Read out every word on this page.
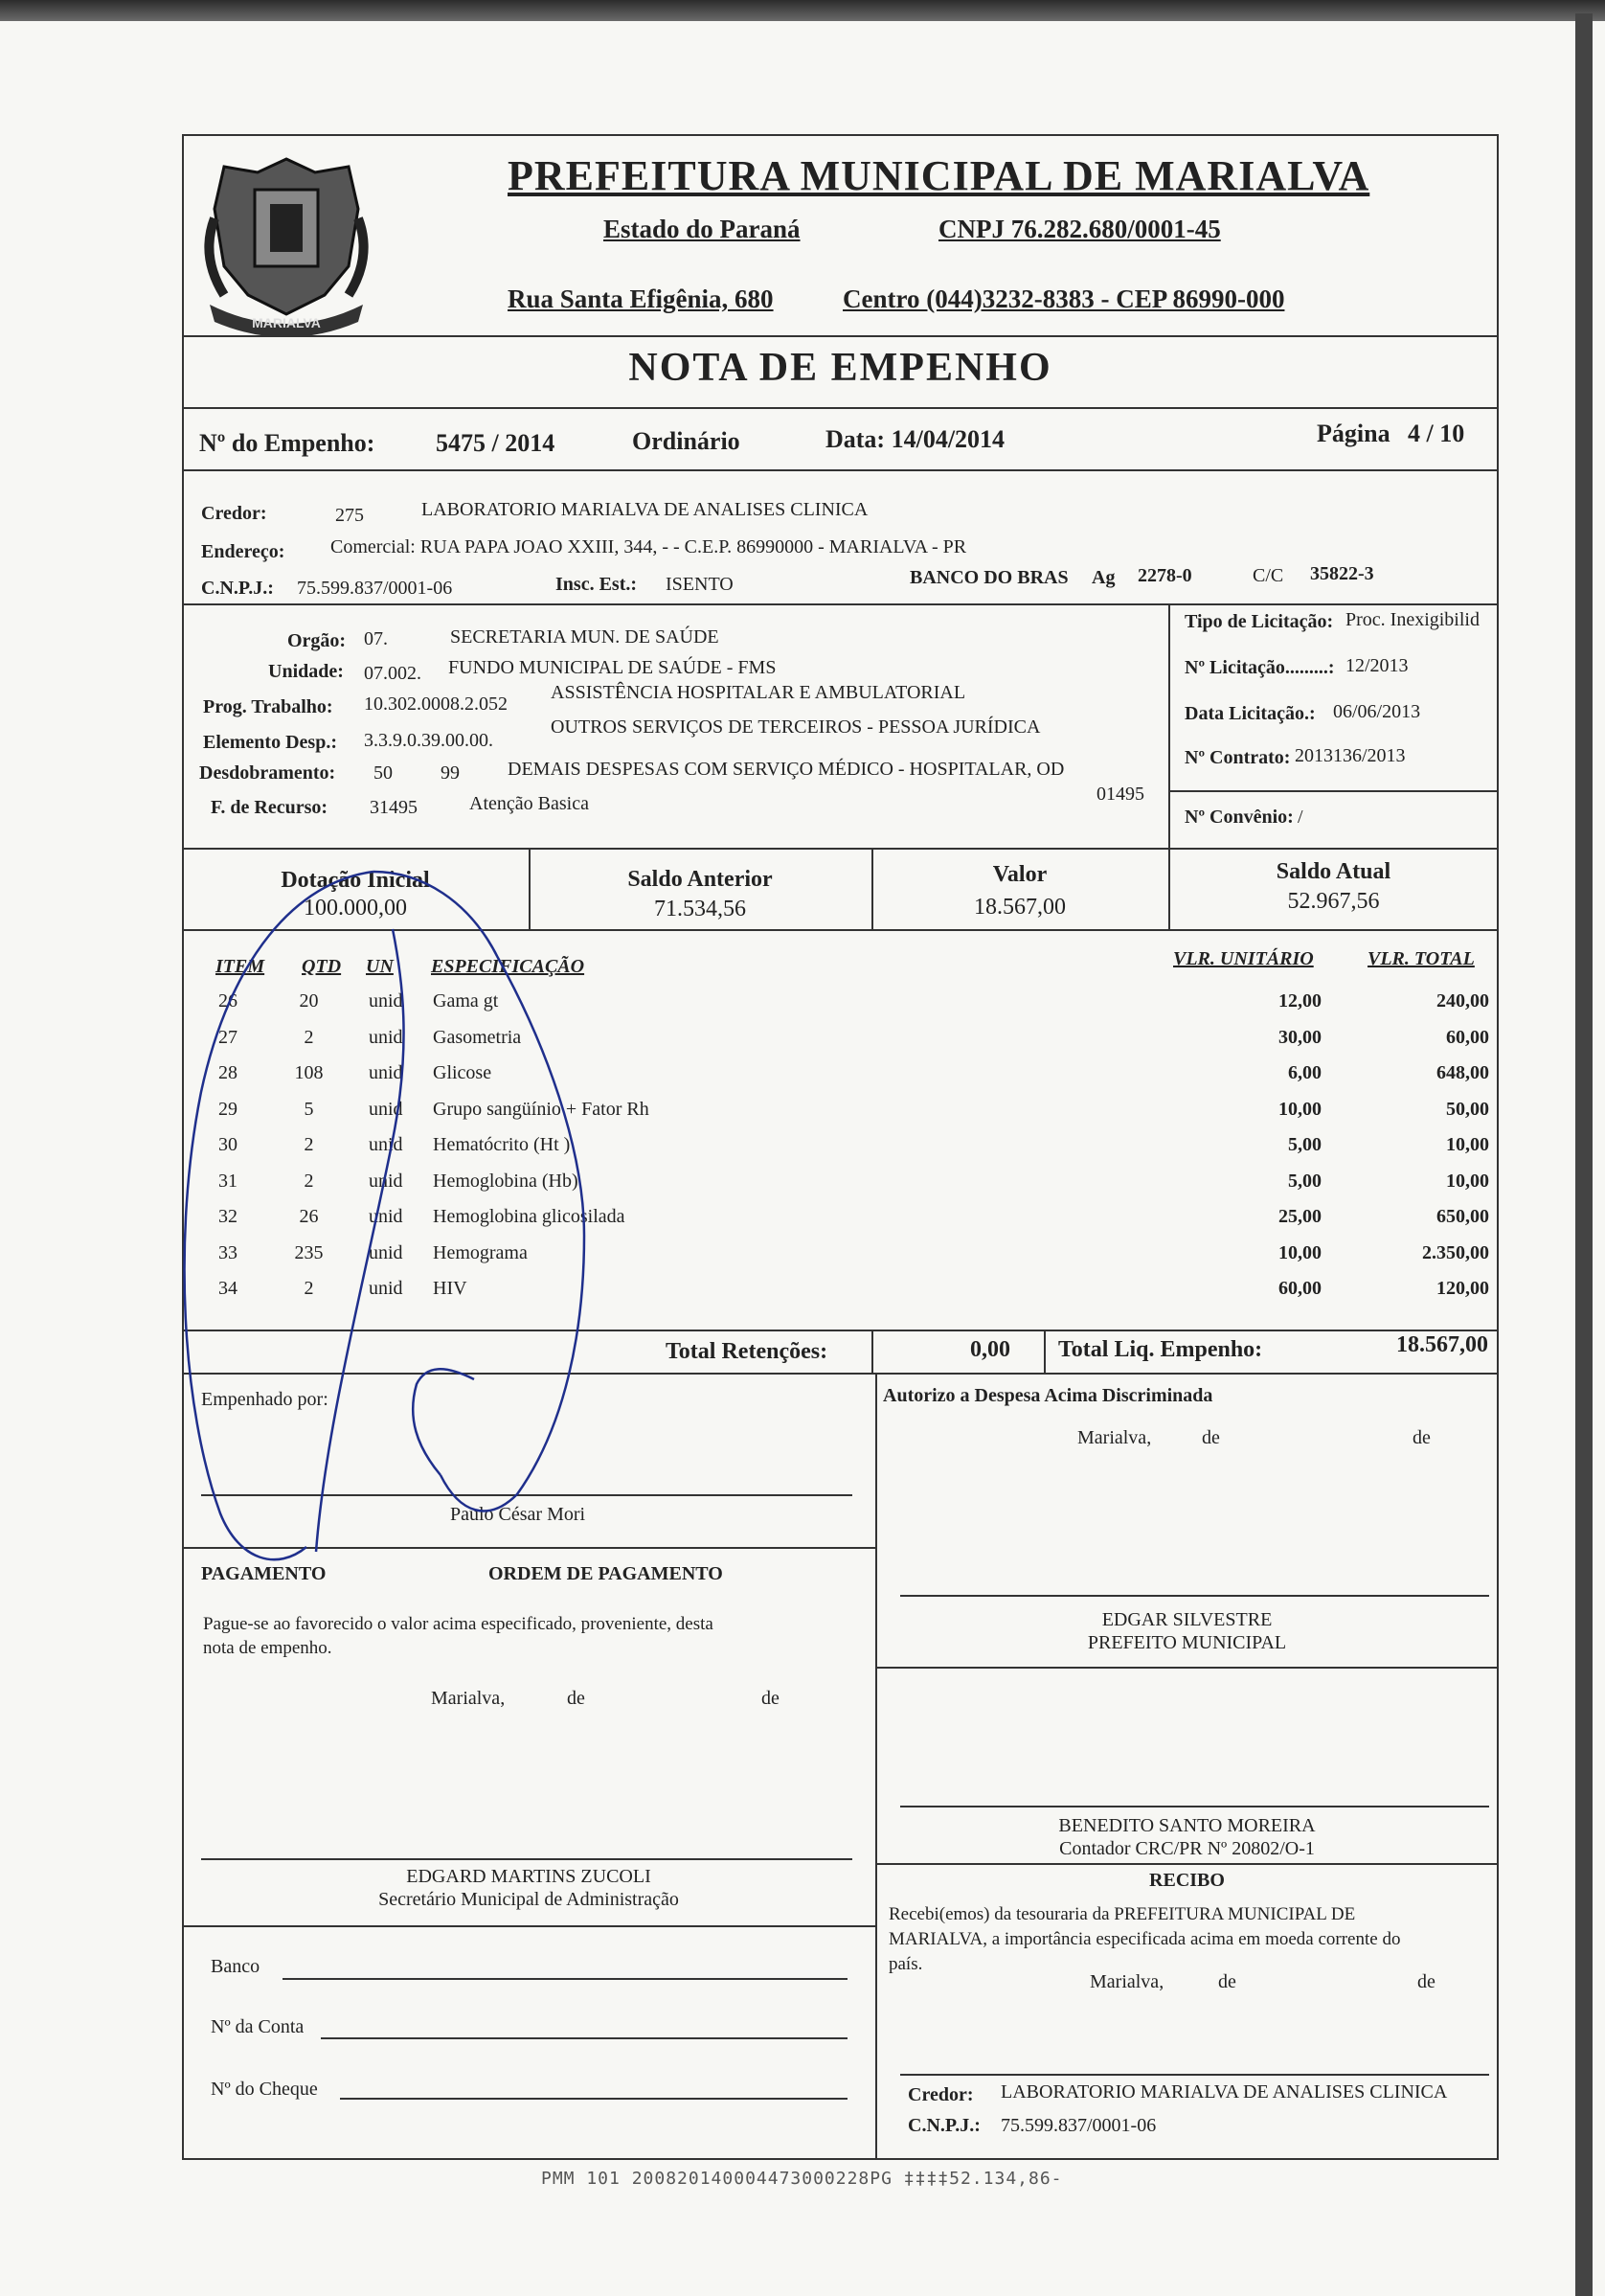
MARIALVA
PREFEITURA MUNICIPAL DE MARIALVA
Estado do Paraná	CNPJ 76.282.680/0001-45
Rua Santa Efigênia, 680	Centro (044)3232-8383 - CEP 86990-000
NOTA DE EMPENHO
Nº do Empenho: 5475 / 2014	Ordinário	Data: 14/04/2014	Página 4 / 10
Credor:	275	LABORATORIO MARIALVA DE ANALISES CLINICA
Endereço: Comercial: RUA PAPA JOAO XXIII, 344, - - C.E.P. 86990000 - MARIALVA - PR
C.N.P.J.: 75.599.837/0001-06	Insc. Est.: ISENTO	BANCO DO BRAS Ag 2278-0	C/C 35822-3
Orgão: 07.	SECRETARIA MUN. DE SAÚDE
Unidade: 07.002. FUNDO MUNICIPAL DE SAÚDE - FMS
Prog. Trabalho: 10.302.0008.2.052
ASSISTÊNCIA HOSPITALAR E AMBULATORIAL
Elemento Desp.: 3.3.9.0.39.00.00.
OUTROS SERVIÇOS DE TERCEIROS - PESSOA JURÍDICA
Desdobramento: 50	99	DEMAIS DESPESAS COM SERVIÇO MÉDICO - HOSPITALAR, OD
F. de Recurso: 31495	Atenção Basica	01495
Tipo de Licitação: Proc. Inexigibilid
Nº Licitação.........: 12/2013
Data Licitação.: 06/06/2013
Nº Contrato: 2013136/2013
Nº Convênio: /
Dotação Inicial
100.000,00
Saldo Anterior
71.534,56
Valor
18.567,00
Saldo Atual
52.967,56
ITEM QTD UN ESPECIFICAÇÃO	VLR. UNITÁRIO	VLR. TOTAL
26	20	unid	Gama gt	12,00	240,00
27	2	unid	Gasometria	30,00	60,00
28	108	unid	Glicose	6,00	648,00
29	5	unid	Grupo sangüínio + Fator Rh	10,00	50,00
30	2	unid	Hematócrito (Ht )	5,00	10,00
31	2	unid	Hemoglobina (Hb)	5,00	10,00
32	26	unid	Hemoglobina glicosilada	25,00	650,00
33	235	unid	Hemograma	10,00	2.350,00
34	2	unid	HIV	60,00	120,00
Total Retenções:	0,00 Total Liq. Empenho:	18.567,00
Empenhado por:
Paulo César Mori
Autorizo a Despesa Acima Discriminada
Marialva,	de	de
EDGAR SILVESTRE
PREFEITO MUNICIPAL
BENEDITO SANTO MOREIRA
Contador CRC/PR Nº 20802/O-1
PAGAMENTO	ORDEM DE PAGAMENTO
Pague-se ao favorecido o valor acima especificado, proveniente, desta
nota de empenho.
Marialva,	de	de
EDGARD MARTINS ZUCOLI
Secretário Municipal de Administração
Banco
Nº da Conta
Nº do Cheque
RECIBO
Recebi(emos) da tesouraria da PREFEITURA MUNICIPAL DE
MARIALVA, a importância especificada acima em moeda corrente do
país.
Marialva,	de	de
Credor: LABORATORIO MARIALVA DE ANALISES CLINICA
C.N.P.J.: 75.599.837/0001-06
PMM 101 200820140004473000228PG ‡‡‡‡52.134,86-
